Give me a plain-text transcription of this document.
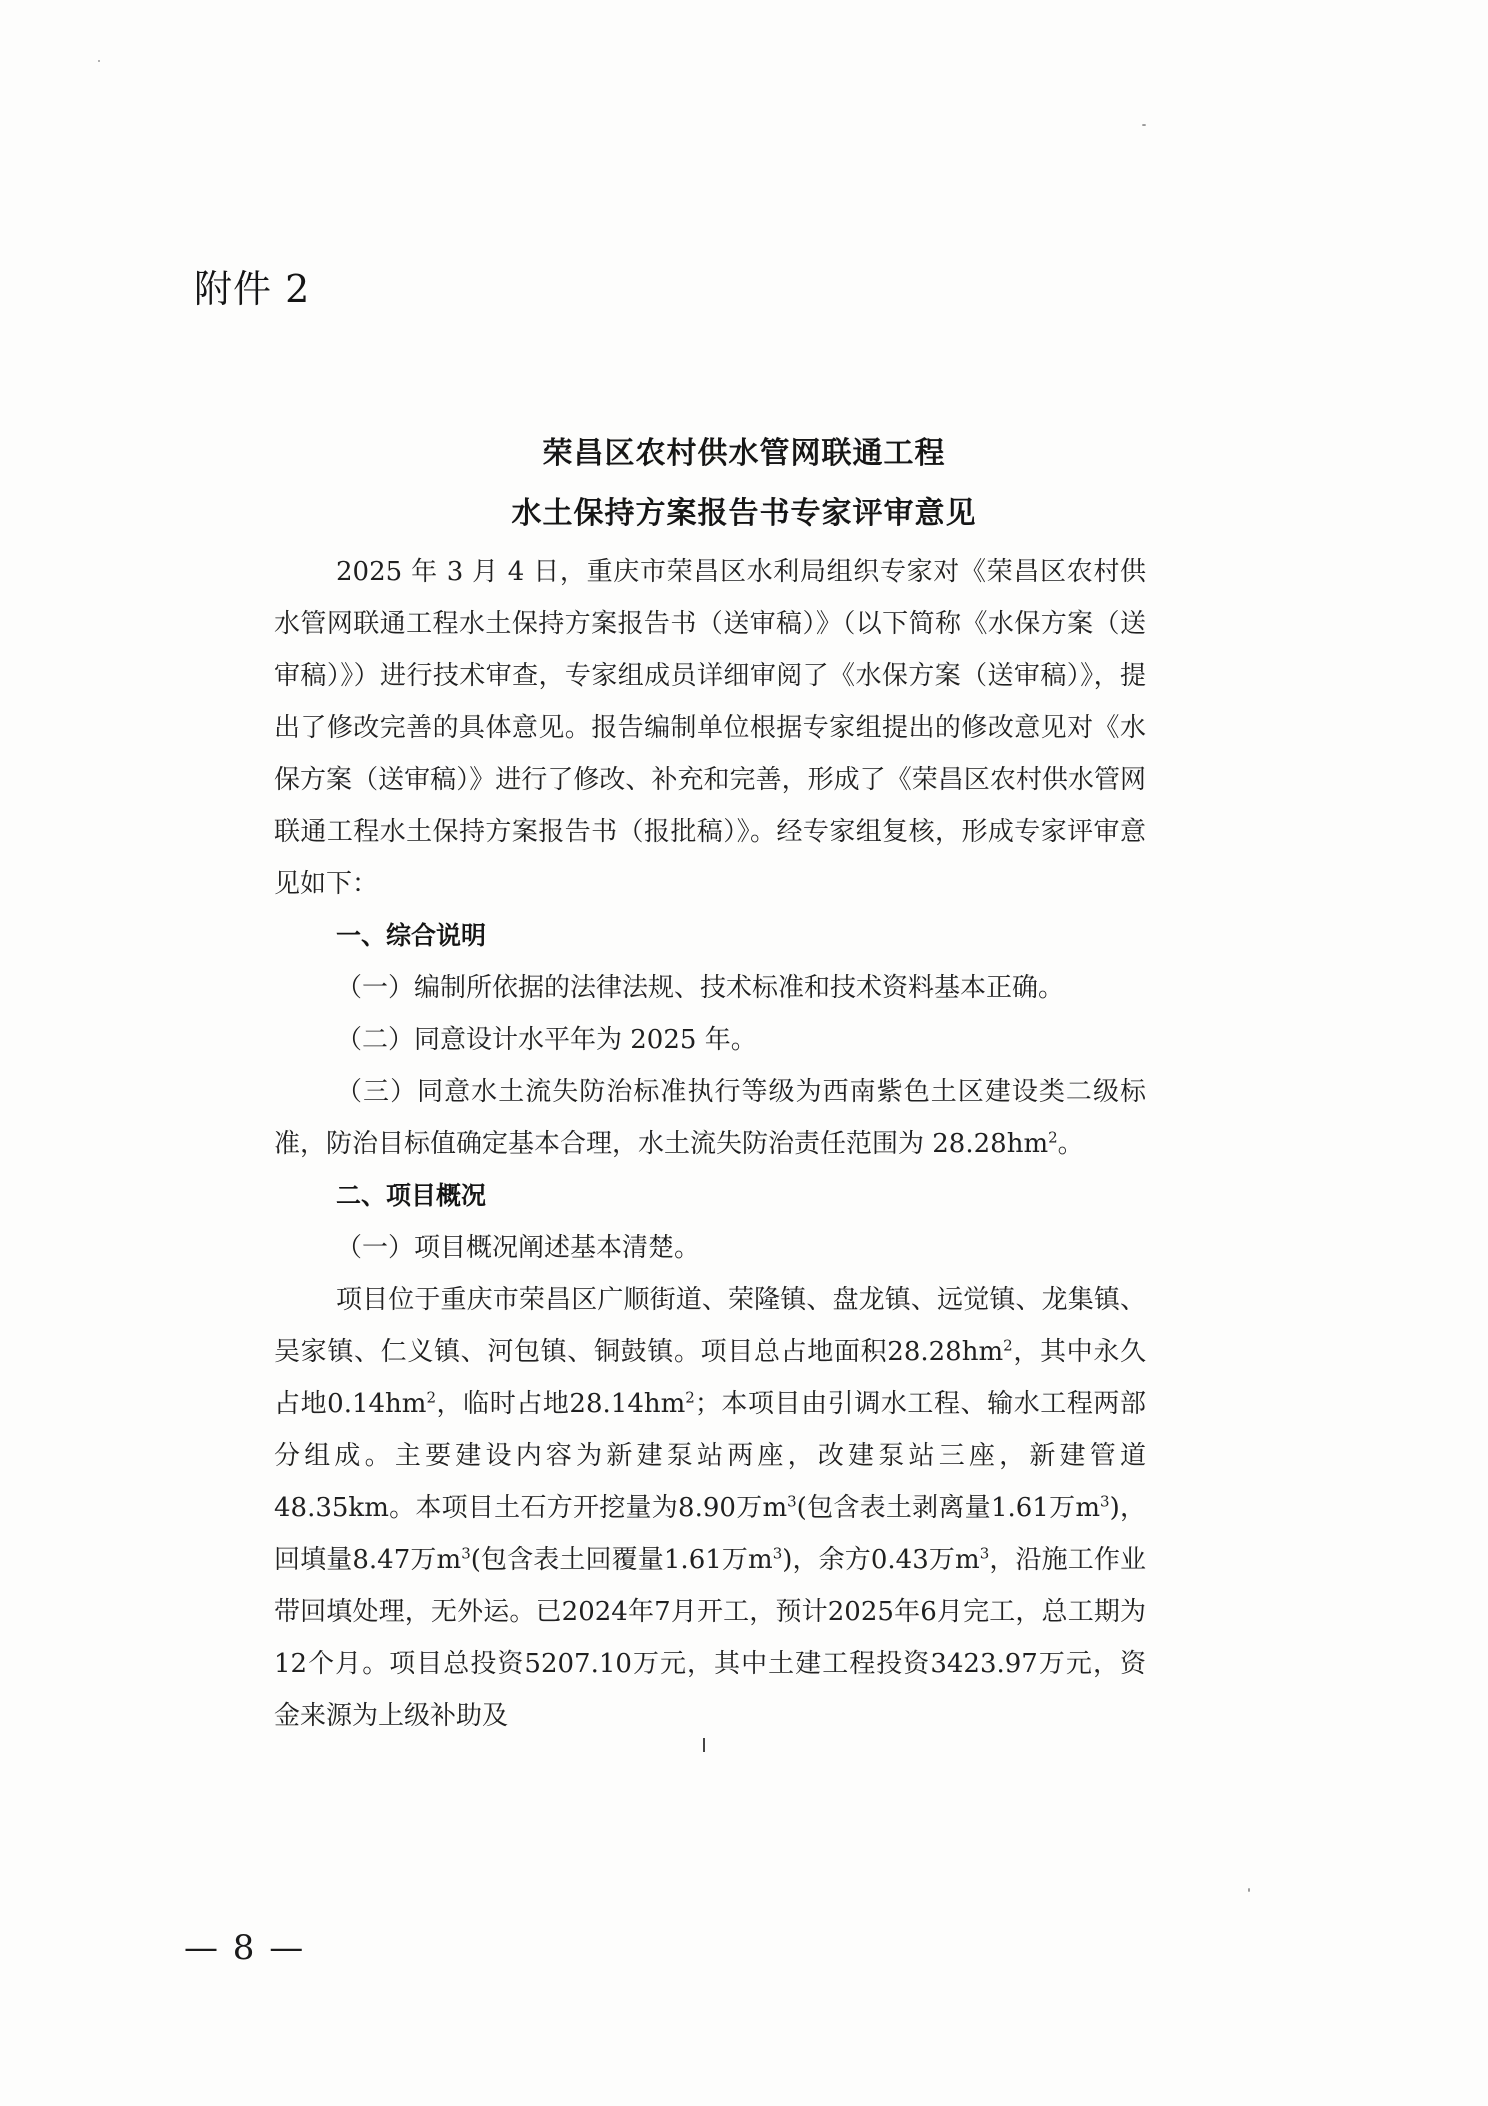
附件 2
荣昌区农村供水管网联通工程
水土保持方案报告书专家评审意见

2025 年 3 月 4 日，重庆市荣昌区水利局组织专家对《荣昌区农村供水管网联通工程水土保持方案报告书（送审稿）》（以下简称《水保方案（送审稿）》）进行技术审查，专家组成员详细审阅了《水保方案（送审稿）》，提出了修改完善的具体意见。报告编制单位根据专家组提出的修改意见对《水保方案（送审稿）》进行了修改、补充和完善，形成了《荣昌区农村供水管网联通工程水土保持方案报告书（报批稿）》。经专家组复核，形成专家评审意见如下：

一、综合说明

（一）编制所依据的法律法规、技术标准和技术资料基本正确。

（二）同意设计水平年为 2025 年。

（三）同意水土流失防治标准执行等级为西南紫色土区建设类二级标准，防治目标值确定基本合理，水土流失防治责任范围为 $28.28hm^2$。

二、项目概况

（一）项目概况阐述基本清楚。

项目位于重庆市荣昌区广顺街道、荣隆镇、盘龙镇、远觉镇、龙集镇、吴家镇、仁义镇、河包镇、铜鼓镇。项目总占地面积$28.28hm^2$，其中永久占地$0.14hm^2$，临时占地$28.14hm^2$；本项目由引调水工程、输水工程两部分组成。主要建设内容为新建泵站两座，改建泵站三座，新建管道48.35km。本项目土石方开挖量为8.90万$m^3$(包含表土剥离量1.61万$m^3$)，回填量8.47万$m^3$(包含表土回覆量1.61万$m^3$)，余方0.43万$m^3$，沿施工作业带回填处理，无外运。已2024年7月开工，预计2025年6月完工，总工期为12个月。项目总投资5207.10万元，其中土建工程投资3423.97万元，资金来源为上级补助及

— 8 —
